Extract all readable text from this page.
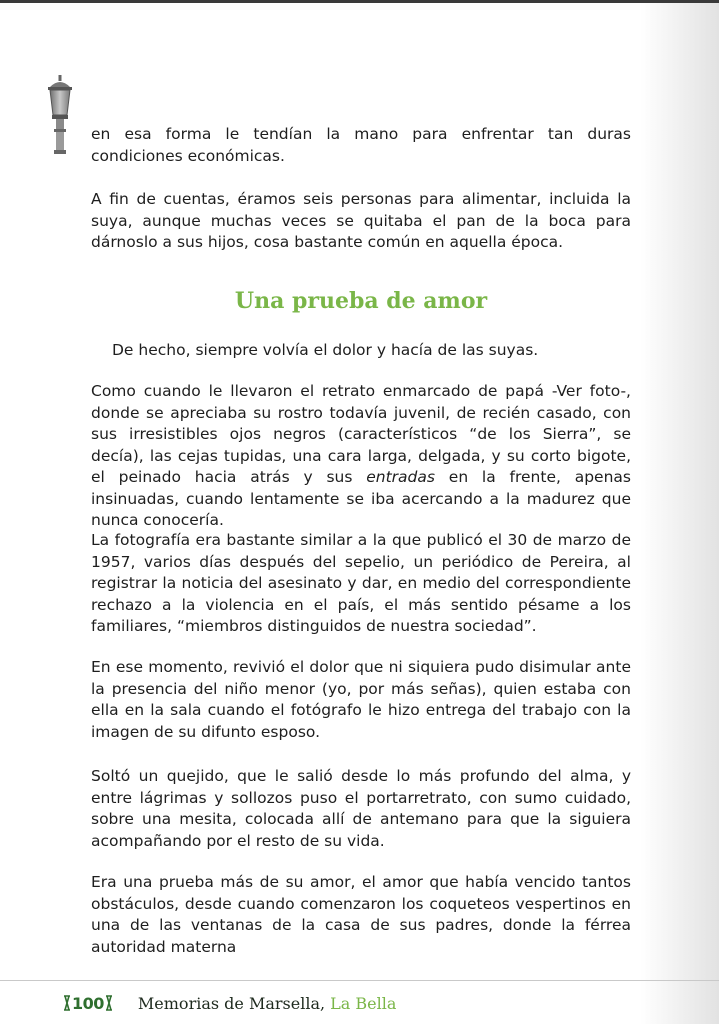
en esa forma le tendían la mano para enfrentar tan duras condiciones económicas.

A fin de cuentas, éramos seis personas para alimentar, incluida la suya, aunque muchas veces se quitaba el pan de la boca para dárnoslo a sus hijos, cosa bastante común en aquella época.

Una prueba de amor

De hecho, siempre volvía el dolor y hacía de las suyas.

Como cuando le llevaron el retrato enmarcado de papá -Ver foto-, donde se apreciaba su rostro todavía juvenil, de recién casado, con sus irresistibles ojos negros (característicos “de los Sierra”, se decía), las cejas tupidas, una cara larga, delgada, y su corto bigote, el peinado hacia atrás y sus entradas en la frente, apenas insinuadas, cuando lentamente se iba acercando a la madurez que nunca conocería.

La fotografía era bastante similar a la que publicó el 30 de marzo de 1957, varios días después del sepelio, un periódico de Pereira, al registrar la noticia del asesinato y dar, en medio del correspondiente rechazo a la violencia en el país, el más sentido pésame a los familiares, “miembros distinguidos de nuestra sociedad”.

En ese momento, revivió el dolor que ni siquiera pudo disimular ante la presencia del niño menor (yo, por más señas), quien estaba con ella en la sala cuando el fotógrafo le hizo entrega del trabajo con la imagen de su difunto esposo.

Soltó un quejido, que le salió desde lo más profundo del alma, y entre lágrimas y sollozos puso el portarretrato, con sumo cuidado, sobre una mesita, colocada allí de antemano para que la siguiera acompañando por el resto de su vida.

Era una prueba más de su amor, el amor que había vencido tantos obstáculos, desde cuando comenzaron los coqueteos vespertinos en una de las ventanas de la casa de sus padres, donde la férrea autoridad materna

100 Memorias de Marsella, La Bella
